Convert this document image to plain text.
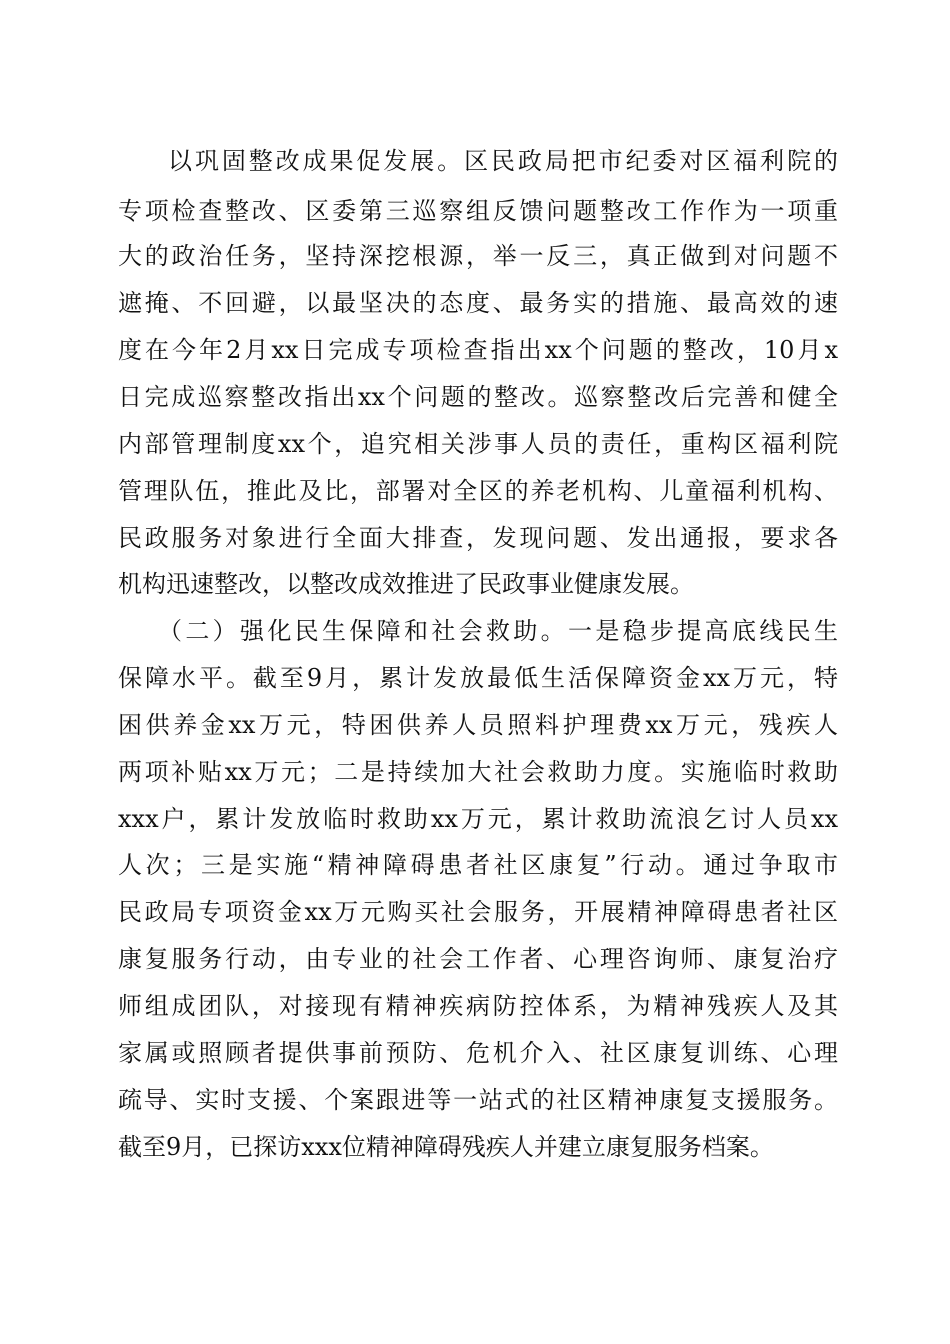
以巩固整改成果促发展。区民政局把市纪委对区福利院的
专项检查整改、区委第三巡察组反馈问题整改工作作为一项重
大的政治任务，坚持深挖根源，举一反三，真正做到对问题不
遮掩、不回避，以最坚决的态度、最务实的措施、最高效的速
度在今年2月xx日完成专项检查指出xx个问题的整改，10月x
日完成巡察整改指出xx个问题的整改。巡察整改后完善和健全
内部管理制度xx个，追究相关涉事人员的责任，重构区福利院
管理队伍，推此及比，部署对全区的养老机构、儿童福利机构、
民政服务对象进行全面大排查，发现问题、发出通报，要求各
机构迅速整改，以整改成效推进了民政事业健康发展。
（二）强化民生保障和社会救助。一是稳步提高底线民生
保障水平。截至9月，累计发放最低生活保障资金xx万元，特
困供养金xx万元，特困供养人员照料护理费xx万元，残疾人
两项补贴xx万元；二是持续加大社会救助力度。实施临时救助
xxx户，累计发放临时救助xx万元，累计救助流浪乞讨人员xx
人次；三是实施“精神障碍患者社区康复”行动。通过争取市
民政局专项资金xx万元购买社会服务，开展精神障碍患者社区
康复服务行动，由专业的社会工作者、心理咨询师、康复治疗
师组成团队，对接现有精神疾病防控体系，为精神残疾人及其
家属或照顾者提供事前预防、危机介入、社区康复训练、心理
疏导、实时支援、个案跟进等一站式的社区精神康复支援服务。
截至9月，已探访xxx位精神障碍残疾人并建立康复服务档案。
